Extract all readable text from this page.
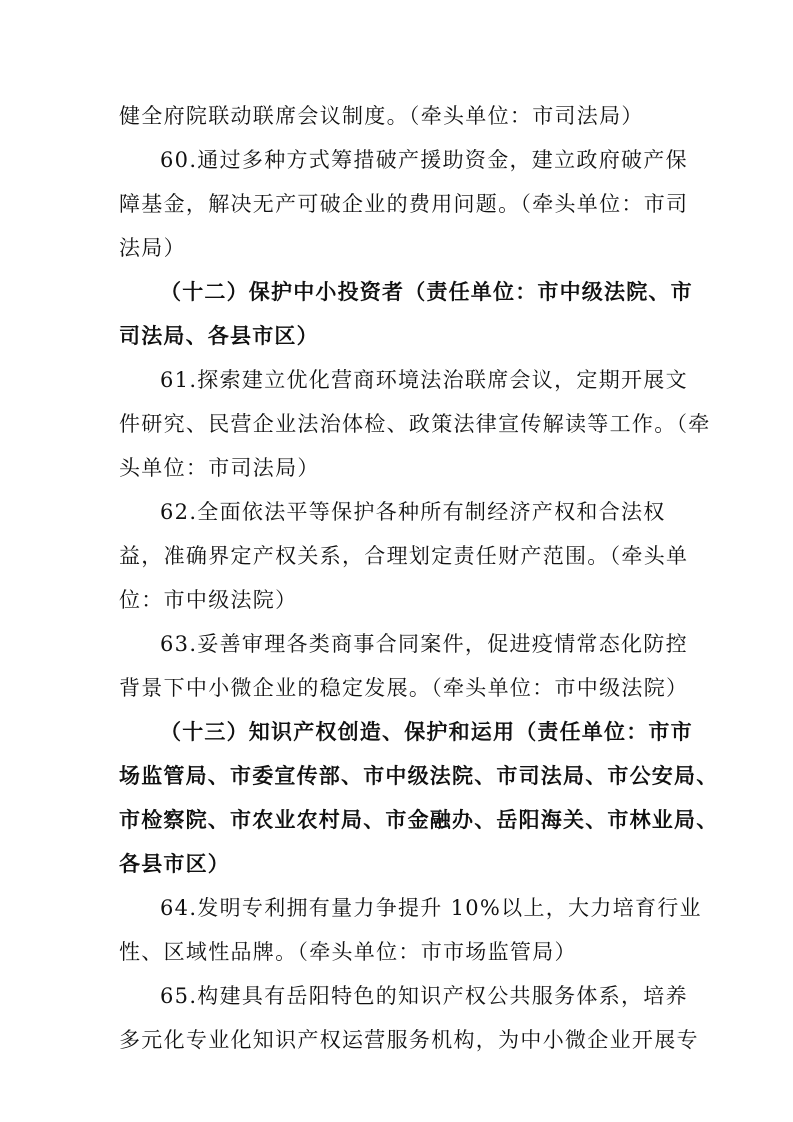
健全府院联动联席会议制度。（牵头单位：市司法局）
60.通过多种方式筹措破产援助资金，建立政府破产保
障基金，解决无产可破企业的费用问题。（牵头单位：市司
法局）
（十二）保护中小投资者（责任单位：市中级法院、市
司法局、各县市区）
61.探索建立优化营商环境法治联席会议，定期开展文
件研究、民营企业法治体检、政策法律宣传解读等工作。（牵
头单位：市司法局）
62.全面依法平等保护各种所有制经济产权和合法权
益，准确界定产权关系，合理划定责任财产范围。（牵头单
位：市中级法院）
63.妥善审理各类商事合同案件，促进疫情常态化防控
背景下中小微企业的稳定发展。（牵头单位：市中级法院）
（十三）知识产权创造、保护和运用（责任单位：市市
场监管局、市委宣传部、市中级法院、市司法局、市公安局、
市检察院、市农业农村局、市金融办、岳阳海关、市林业局、
各县市区）
64.发明专利拥有量力争提升 10%以上，大力培育行业
性、区域性品牌。（牵头单位：市市场监管局）
65.构建具有岳阳特色的知识产权公共服务体系，培养
多元化专业化知识产权运营服务机构，为中小微企业开展专
